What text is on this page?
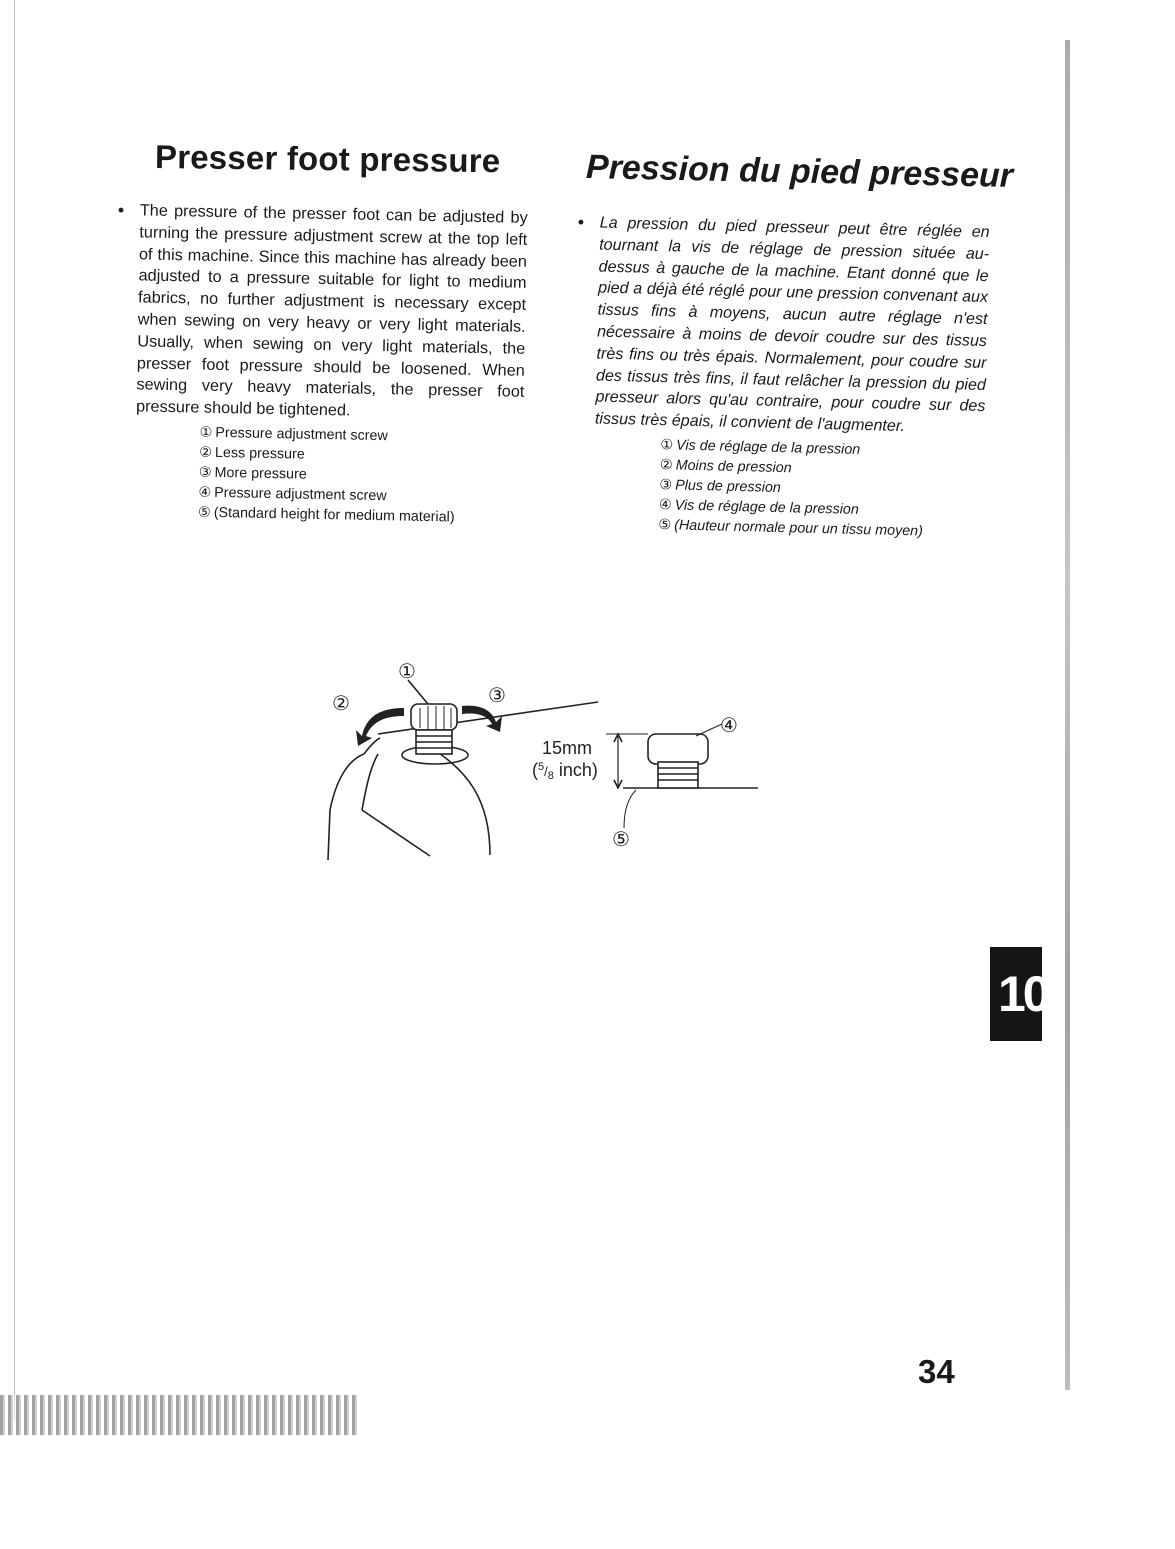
Presser foot pressure	Pression du pied presseur
• The pressure of the presser foot can be adjusted by turning the pressure adjustment screw at the top left of this machine. Since this machine has already been adjusted to a pressure suitable for light to medium fabrics, no further adjustment is necessary except when sewing on very heavy or very light materials. Usually, when sewing on very light materials, the presser foot pressure should be loosened. When sewing very heavy materials, the presser foot pressure should be tightened.

① Pressure adjustment screw
② Less pressure
③ More pressure
④ Pressure adjustment screw
⑤ (Standard height for medium material)
• La pression du pied presseur peut être réglée en tournant la vis de réglage de pression située au-dessus à gauche de la machine. Etant donné que le pied a déjà été réglé pour une pression convenant aux tissus fins à moyens, aucun autre réglage n'est nécessaire à moins de devoir coudre sur des tissus très fins ou très épais. Normalement, pour coudre sur des tissus très fins, il faut relâcher la pression du pied presseur alors qu'au contraire, pour coudre sur des tissus très épais, il convient de l'augmenter.

① Vis de réglage de la pression
② Moins de pression
③ Plus de pression
④ Vis de réglage de la pression
⑤ (Hauteur normale pour un tissu moyen)
①
②	③
④
⑤
15mm
($^5_/$8 inch)
10
34
